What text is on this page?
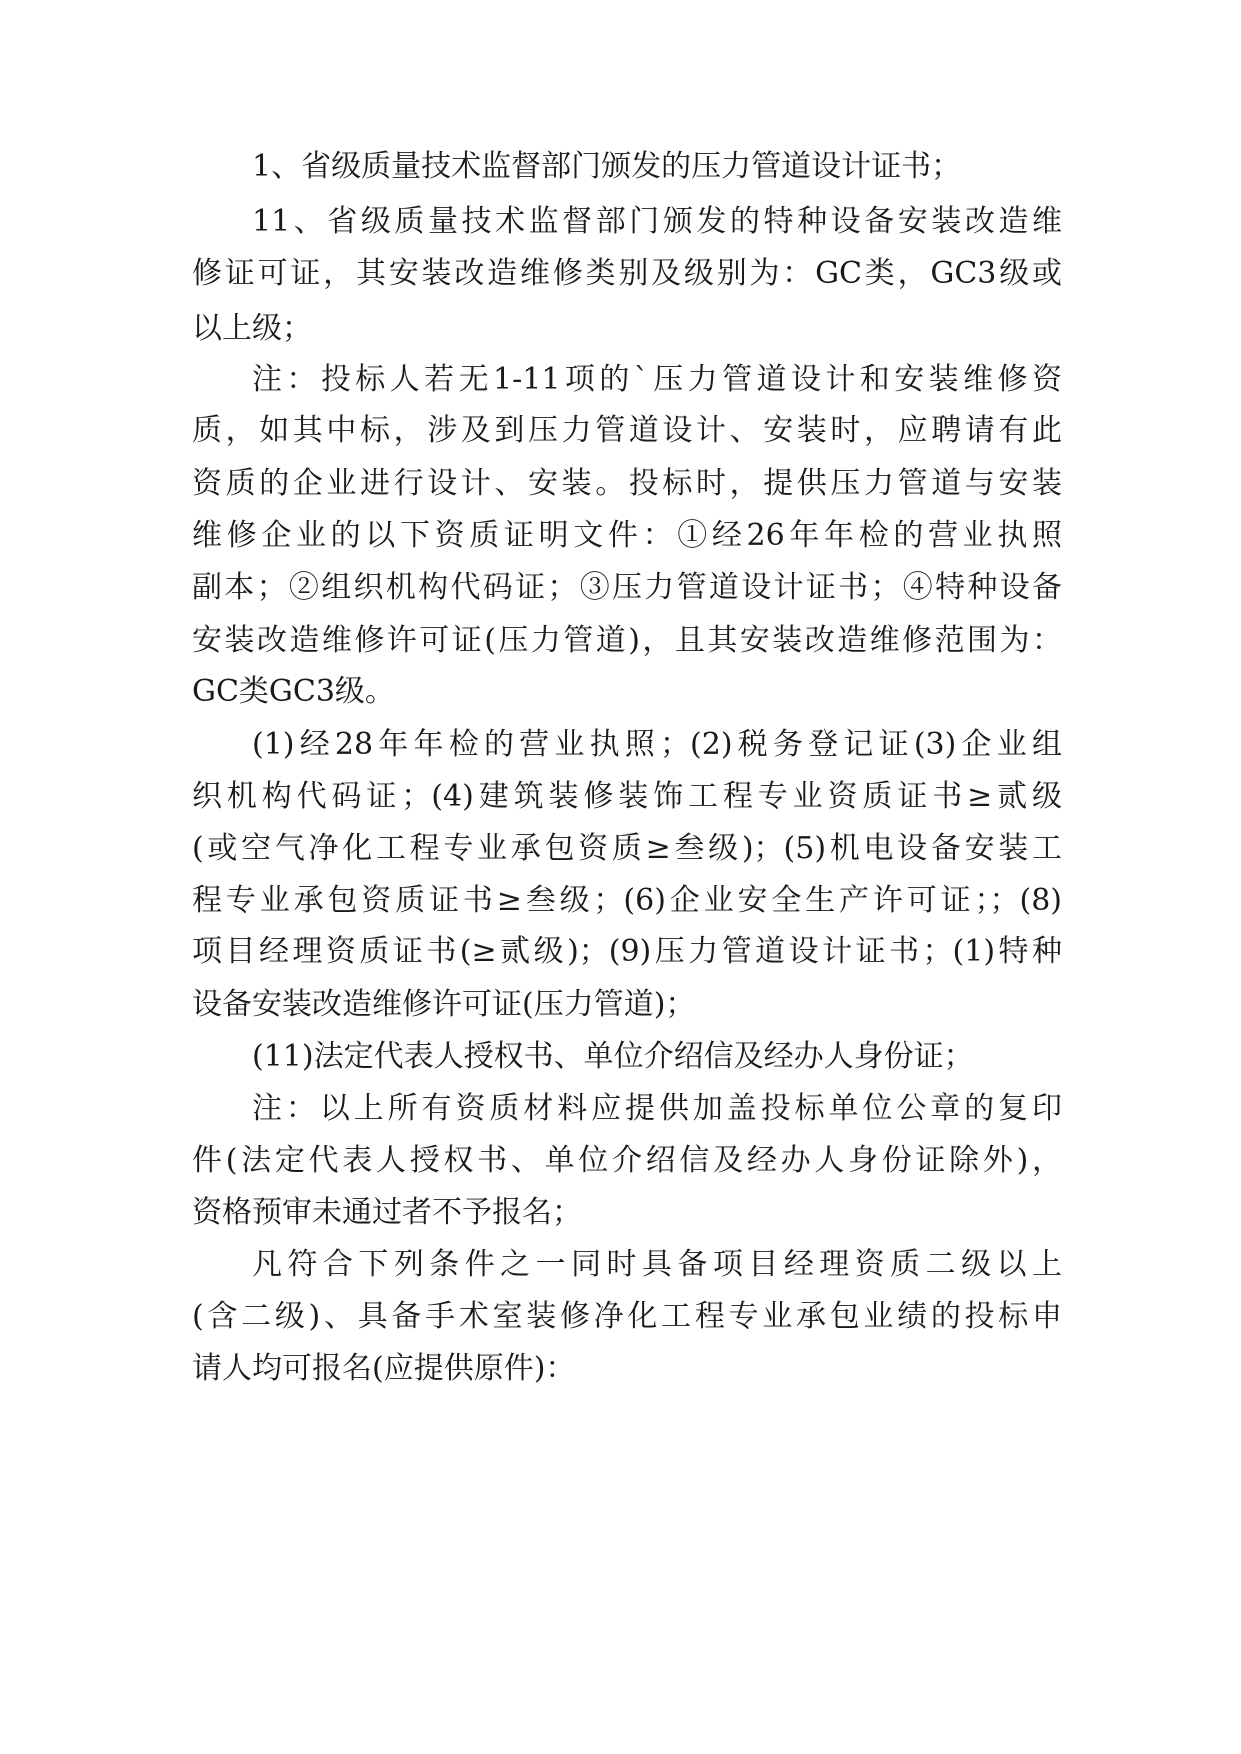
1、省级质量技术监督部门颁发的压力管道设计证书；
11、省级质量技术监督部门颁发的特种设备安装改造维
修证可证，其安装改造维修类别及级别为：GC类，GC3级或
以上级；
注：投标人若无1-11项的`压力管道设计和安装维修资
质，如其中标，涉及到压力管道设计、安装时，应聘请有此
资质的企业进行设计、安装。投标时，提供压力管道与安装
维修企业的以下资质证明文件：①经26年年检的营业执照
副本；②组织机构代码证；③压力管道设计证书；④特种设备
安装改造维修许可证(压力管道)，且其安装改造维修范围为：
GC类GC3级。
(1)经28年年检的营业执照；(2)税务登记证(3)企业组
织机构代码证；(4)建筑装修装饰工程专业资质证书≥贰级
(或空气净化工程专业承包资质≥叁级)；(5)机电设备安装工
程专业承包资质证书≥叁级；(6)企业安全生产许可证；；(8)
项目经理资质证书(≥贰级)；(9)压力管道设计证书；(1)特种
设备安装改造维修许可证(压力管道)；
(11)法定代表人授权书、单位介绍信及经办人身份证；
注：以上所有资质材料应提供加盖投标单位公章的复印
件(法定代表人授权书、单位介绍信及经办人身份证除外)，
资格预审未通过者不予报名；
凡符合下列条件之一同时具备项目经理资质二级以上
(含二级)、具备手术室装修净化工程专业承包业绩的投标申
请人均可报名(应提供原件)：
